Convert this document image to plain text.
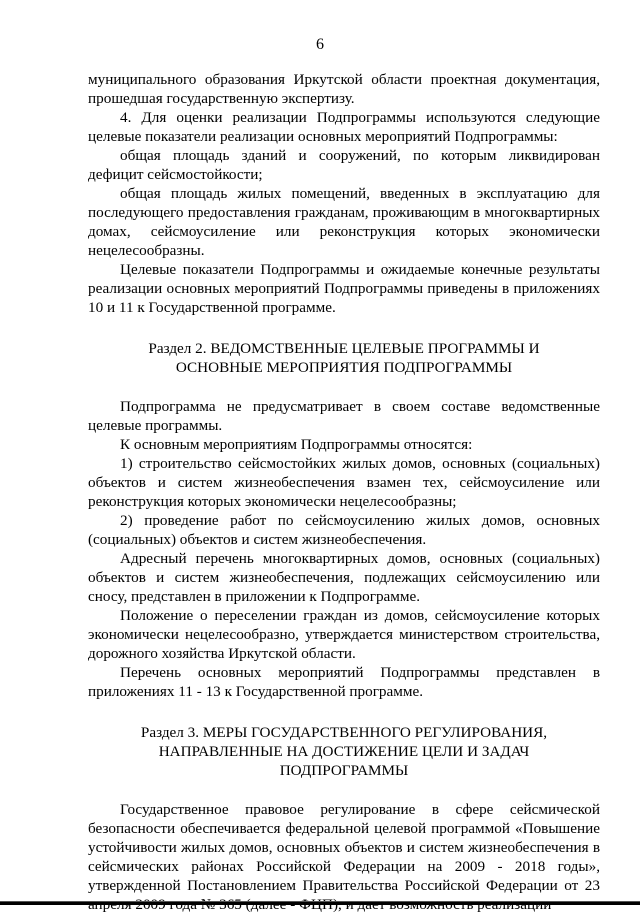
6

муниципального образования Иркутской области проектная документация, прошедшая государственную экспертизу.

4. Для оценки реализации Подпрограммы используются следующие целевые показатели реализации основных мероприятий Подпрограммы:

общая площадь зданий и сооружений, по которым ликвидирован дефицит сейсмостойкости;

общая площадь жилых помещений, введенных в эксплуатацию для последующего предоставления гражданам, проживающим в многоквартирных домах, сейсмоусиление или реконструкция которых экономически нецелесообразны.

Целевые показатели Подпрограммы и ожидаемые конечные результаты реализации основных мероприятий Подпрограммы приведены в приложениях 10 и 11 к Государственной программе.

Раздел 2. ВЕДОМСТВЕННЫЕ ЦЕЛЕВЫЕ ПРОГРАММЫ И

ОСНОВНЫЕ МЕРОПРИЯТИЯ ПОДПРОГРАММЫ

Подпрограмма не предусматривает в своем составе ведомственные целевые программы.

К основным мероприятиям Подпрограммы относятся:

1) строительство сейсмостойких жилых домов, основных (социальных) объектов и систем жизнеобеспечения взамен тех, сейсмоусиление или реконструкция которых экономически нецелесообразны;

2) проведение работ по сейсмоусилению жилых домов, основных (социальных) объектов и систем жизнеобеспечения.

Адресный перечень многоквартирных домов, основных (социальных) объектов и систем жизнеобеспечения, подлежащих сейсмоусилению или сносу, представлен в приложении к Подпрограмме.

Положение о переселении граждан из домов, сейсмоусиление которых экономически нецелесообразно, утверждается министерством строительства, дорожного хозяйства Иркутской области.

Перечень основных мероприятий Подпрограммы представлен в приложениях 11 - 13 к Государственной программе.

Раздел 3. МЕРЫ ГОСУДАРСТВЕННОГО РЕГУЛИРОВАНИЯ,

НАПРАВЛЕННЫЕ НА ДОСТИЖЕНИЕ ЦЕЛИ И ЗАДАЧ

ПОДПРОГРАММЫ

Государственное правовое регулирование в сфере сейсмической безопасности обеспечивается федеральной целевой программой «Повышение устойчивости жилых домов, основных объектов и систем жизнеобеспечения в сейсмических районах Российской Федерации на 2009 - 2018 годы», утвержденной Постановлением Правительства Российской Федерации от 23
